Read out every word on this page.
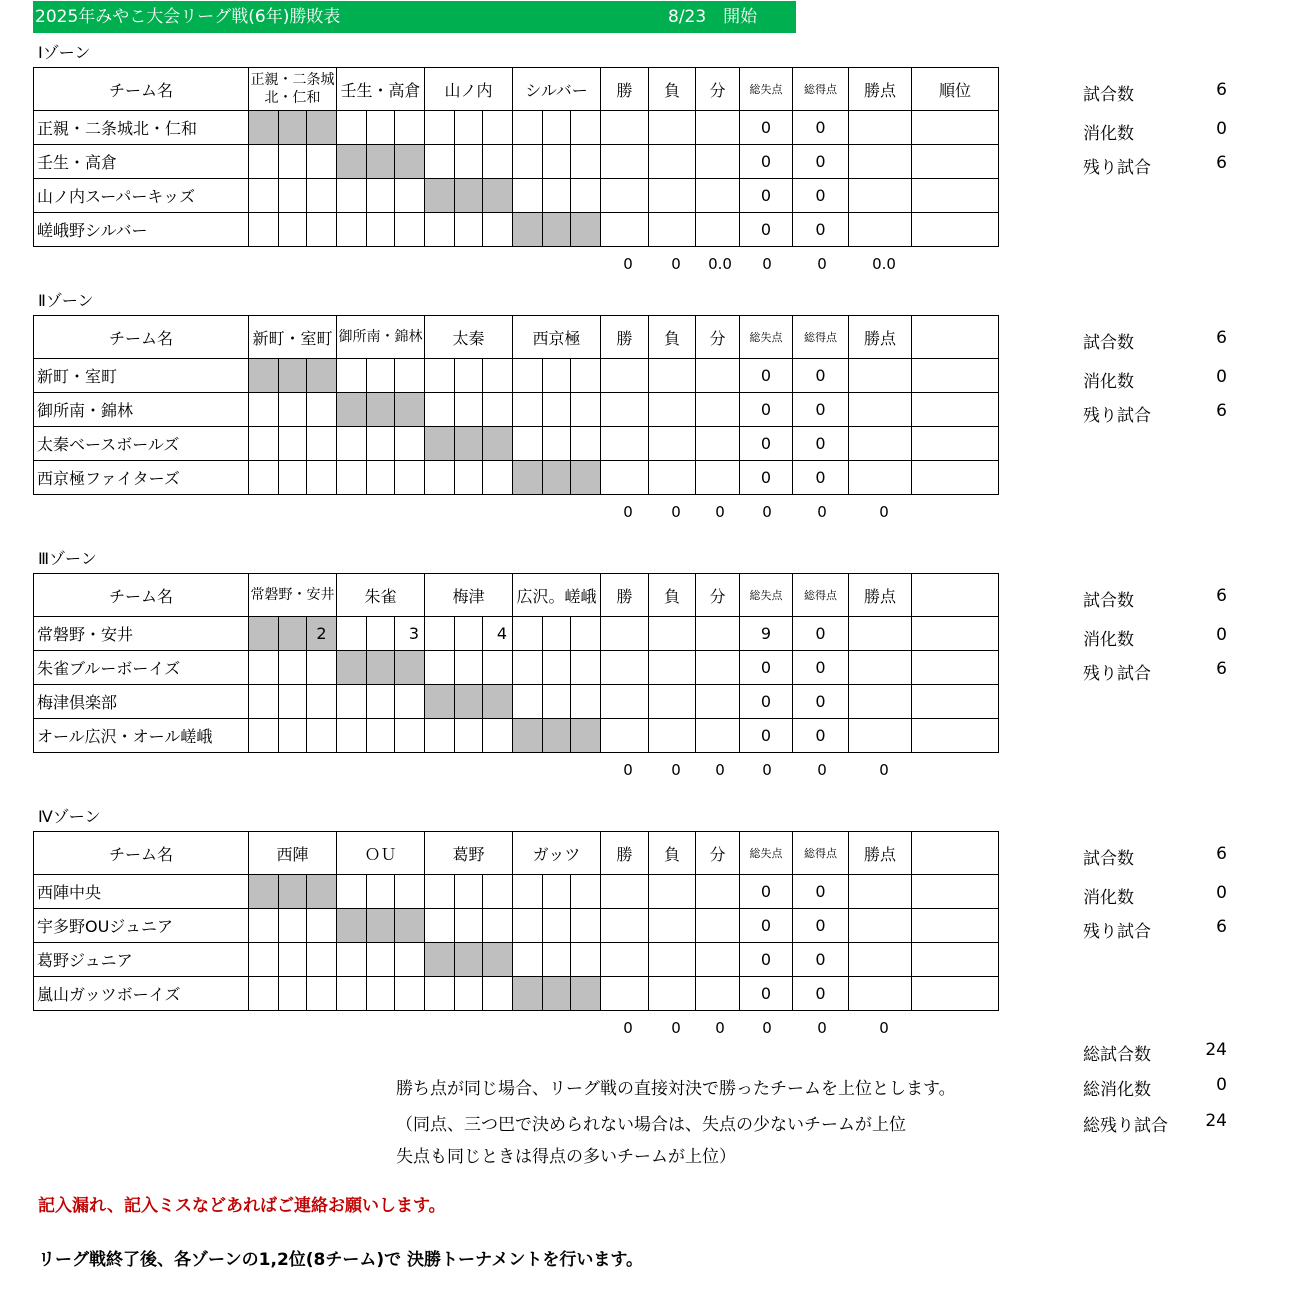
2025年みやこ大会リーグ戦(6年)勝敗表	8/23　開始
Ⅰゾーン
チーム名	正親・二条城北・仁和			壬生・高倉			山ノ内			シルバー			勝	負	分	総失点	総得点	勝点	順位
正親・二条城北・仁和																0	0		
壬生・高倉																0	0		
山ノ内スーパーキッズ																0	0		
嵯峨野シルバー																0	0		
0	0	0.0	0	0	0.0
試合数	6
消化数	0
残り試合	6
Ⅱゾーン
チーム名	新町・室町			御所南・錦林			太秦			西京極			勝	負	分	総失点	総得点	勝点	
新町・室町																0	0		
御所南・錦林																0	0		
太秦ベースボールズ																0	0		
西京極ファイターズ																0	0		
0	0	0	0	0	0
試合数	6
消化数	0
残り試合	6
Ⅲゾーン
チーム名	常磐野・安井			朱雀			梅津			広沢。嵯峨			勝	負	分	総失点	総得点	勝点	
常磐野・安井			2			3			4							9	0		
朱雀ブルーボーイズ																0	0		
梅津倶楽部																0	0		
オール広沢・オール嵯峨																0	0		
0	0	0	0	0	0
試合数	6
消化数	0
残り試合	6
Ⅳゾーン
チーム名	西陣			ＯＵ			葛野			ガッツ			勝	負	分	総失点	総得点	勝点	
西陣中央																0	0		
宇多野OUジュニア																0	0		
葛野ジュニア																0	0		
嵐山ガッツボーイズ																0	0		
0	0	0	0	0	0
試合数	6
消化数	0
残り試合	6
勝ち点が同じ場合、リーグ戦の直接対決で勝ったチームを上位とします。
（同点、三つ巴で決められない場合は、失点の少ないチームが上位
失点も同じときは得点の多いチームが上位）
総試合数	24
総消化数	0
総残り試合	24
記入漏れ、記入ミスなどあればご連絡お願いします。
リーグ戦終了後、各ゾーンの1,2位(8チーム)で 決勝トーナメントを行います。
